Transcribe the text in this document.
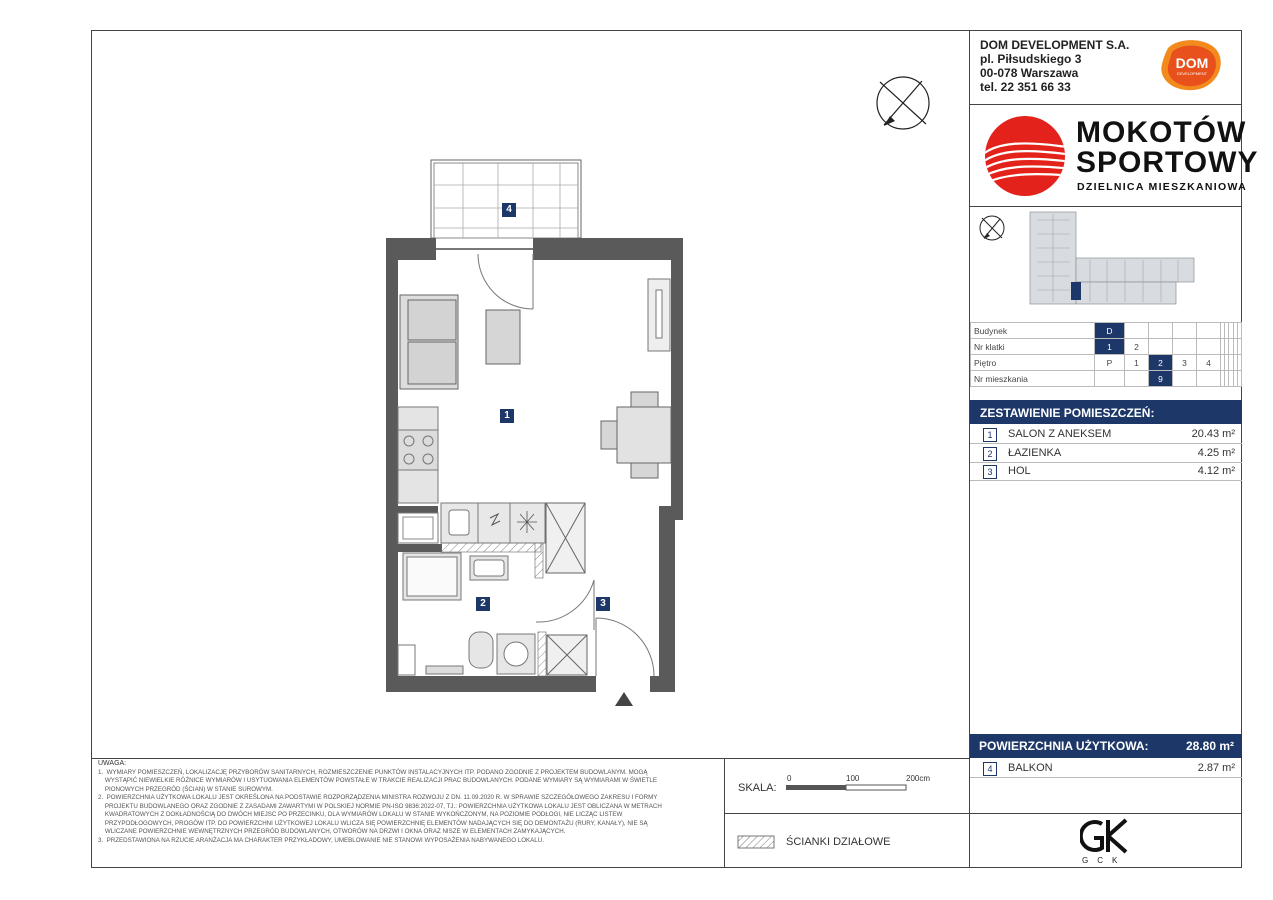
1
2	3
4
DOM DEVELOPMENT S.A.
pl. Piłsudskiego 3
00-078 Warszawa
tel. 22 351 66 33
DOM
DEVELOPMENT
MOKOTÓW
SPORTOWY
DZIELNICA MIESZKANIOWA
Budynek	D									
Nr klatki	1	2								
Piętro	P	1	2	3	4					
Nr mieszkania			9							
ZESTAWIENIE POMIESZCZEŃ:
1	SALON Z ANEKSEM	20.43 m²
2	ŁAZIENKA	4.25 m²
3	HOL	4.12 m²
POWIERZCHNIA UŻYTKOWA:	28.80 m²
4	BALKON	2.87 m²
UWAGA:
1.  WYMIARY POMIESZCZEŃ, LOKALIZACJĘ PRZYBORÓW SANITARNYCH, ROZMIESZCZENIE PUNKTÓW INSTALACYJNYCH ITP. PODANO ZGODNIE Z PROJEKTEM BUDOWLANYM. MOGĄ
WYSTĄPIĆ NIEWIELKIE RÓŻNICE WYMIARÓW I USYTUOWANIA ELEMENTÓW POWSTAŁE W TRAKCIE REALIZACJI PRAC BUDOWLANYCH. PODANE WYMIARY SĄ WYMIARAMI W ŚWIETLE
PIONOWYCH PRZEGRÓD (ŚCIAN) W STANIE SUROWYM.
2.  POWIERZCHNIA UŻYTKOWA LOKALU JEST OKREŚLONA NA PODSTAWIE ROZPORZĄDZENIA MINISTRA ROZWOJU Z DN. 11.09.2020 R. W SPRAWIE SZCZEGÓŁOWEGO ZAKRESU I FORMY
PROJEKTU BUDOWLANEGO ORAZ ZGODNIE Z ZASADAMI ZAWARTYMI W POLSKIEJ NORMIE PN-ISO 9836:2022-07, TJ.: POWIERZCHNIA UŻYTKOWA LOKALU JEST OBLICZANA W METRACH
KWADRATOWYCH Z DOKŁADNOŚCIĄ DO DWÓCH MIEJSC PO PRZECINKU, DLA WYMIARÓW LOKALU W STANIE WYKOŃCZONYM, NA POZIOMIE PODŁOGI, NIE LICZĄC LISTEW
PRZYPODŁOGOWYCH, PROGÓW ITP. DO POWIERZCHNI UŻYTKOWEJ LOKALU WLICZA SIĘ POWIERZCHNIĘ ELEMENTÓW NADAJĄCYCH SIĘ DO DEMONTAŻU (RURY, KANAŁY), NIE SĄ
WLICZANE POWIERZCHNIE WEWNĘTRZNYCH PRZEGRÓD BUDOWLANYCH, OTWORÓW NA DRZWI I OKNA ORAZ NISZE W ELEMENTACH ZAMYKAJĄCYCH.
3.  PRZEDSTAWIONA NA RZUCIE ARANŻACJA MA CHARAKTER PRZYKŁADOWY, UMEBLOWANIE NIE STANOWI WYPOSAŻENIA NABYWANEGO LOKALU.
SKALA:
0	100	200cm
ŚCIANKI DZIAŁOWE
GCK
